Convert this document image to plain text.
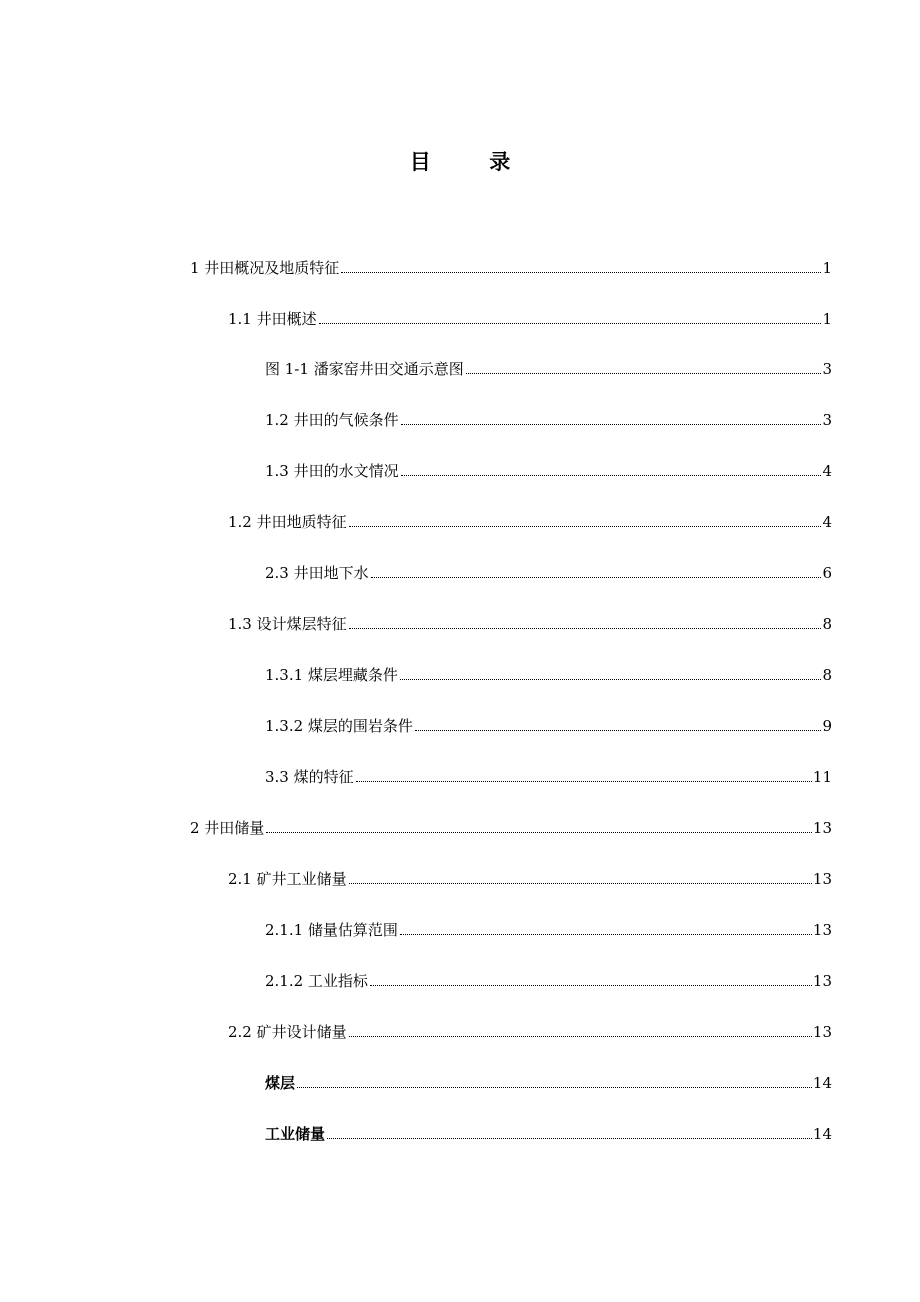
目        录
1 井田概况及地质特征	1
1.1 井田概述	1
图 1-1 潘家窑井田交通示意图	3
1.2 井田的气候条件	3
1.3 井田的水文情况	4
1.2 井田地质特征	4
2.3 井田地下水	6
1.3 设计煤层特征	8
1.3.1 煤层埋藏条件	8
1.3.2 煤层的围岩条件	9
3.3 煤的特征	11
2 井田储量	13
2.1 矿井工业储量	13
2.1.1 储量估算范围	13
2.1.2 工业指标	13
2.2 矿井设计储量	13
煤层	14
工业储量	14
